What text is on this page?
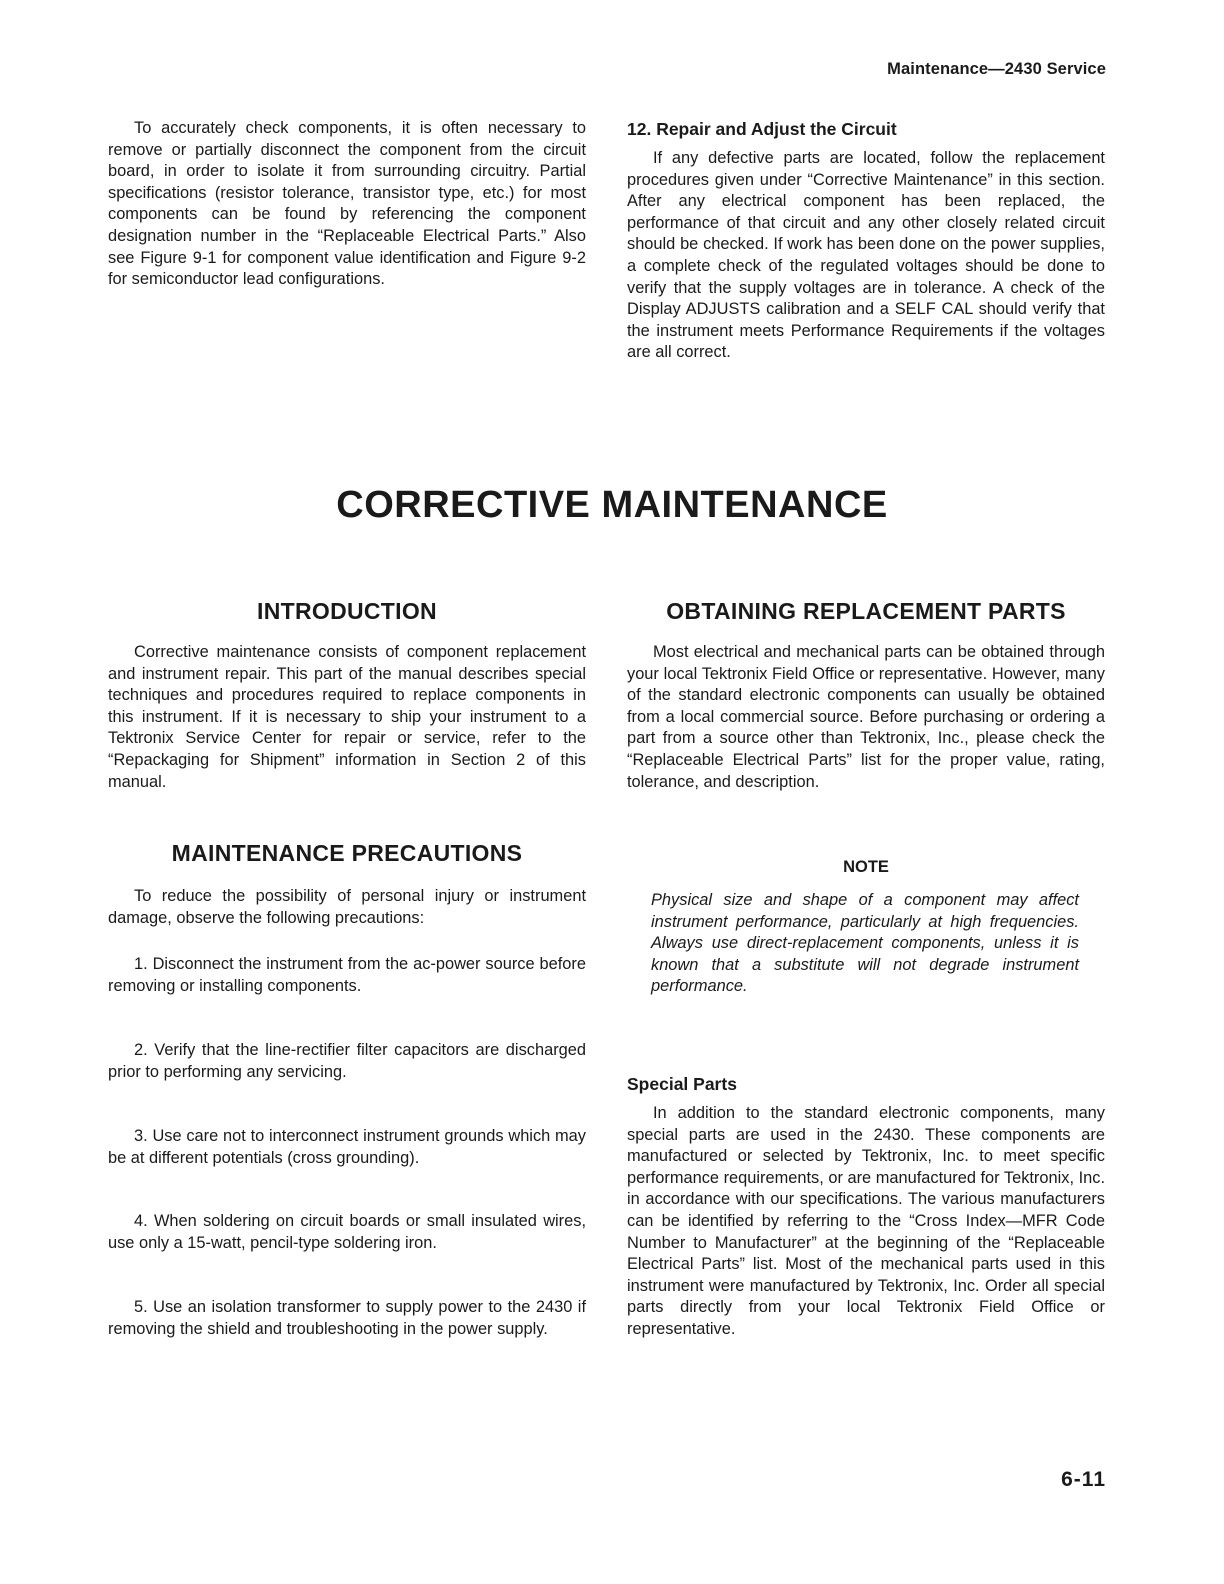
Maintenance—2430 Service

To accurately check components, it is often necessary to remove or partially disconnect the component from the circuit board, in order to isolate it from surrounding circuitry. Partial specifications (resistor tolerance, transistor type, etc.) for most components can be found by referencing the component designation number in the “Replaceable Electrical Parts.” Also see Figure 9-1 for component value identification and Figure 9-2 for semiconductor lead configurations.

12. Repair and Adjust the Circuit

If any defective parts are located, follow the replacement procedures given under “Corrective Maintenance” in this section. After any electrical component has been replaced, the performance of that circuit and any other closely related circuit should be checked. If work has been done on the power supplies, a complete check of the regulated voltages should be done to verify that the supply voltages are in tolerance. A check of the Display ADJUSTS calibration and a SELF CAL should verify that the instrument meets Performance Requirements if the voltages are all correct.

CORRECTIVE MAINTENANCE
INTRODUCTION

Corrective maintenance consists of component replacement and instrument repair. This part of the manual describes special techniques and procedures required to replace components in this instrument. If it is necessary to ship your instrument to a Tektronix Service Center for repair or service, refer to the “Repackaging for Shipment” information in Section 2 of this manual.

MAINTENANCE PRECAUTIONS

To reduce the possibility of personal injury or instrument damage, observe the following precautions:

1. Disconnect the instrument from the ac-power source before removing or installing components.

2. Verify that the line-rectifier filter capacitors are discharged prior to performing any servicing.

3. Use care not to interconnect instrument grounds which may be at different potentials (cross grounding).

4. When soldering on circuit boards or small insulated wires, use only a 15-watt, pencil-type soldering iron.

5. Use an isolation transformer to supply power to the 2430 if removing the shield and troubleshooting in the power supply.

OBTAINING REPLACEMENT PARTS

Most electrical and mechanical parts can be obtained through your local Tektronix Field Office or representative. However, many of the standard electronic components can usually be obtained from a local commercial source. Before purchasing or ordering a part from a source other than Tektronix, Inc., please check the “Replaceable Electrical Parts” list for the proper value, rating, tolerance, and description.

NOTE

Physical size and shape of a component may affect instrument performance, particularly at high frequencies. Always use direct-replacement components, unless it is known that a substitute will not degrade instrument performance.

Special Parts

In addition to the standard electronic components, many special parts are used in the 2430. These components are manufactured or selected by Tektronix, Inc. to meet specific performance requirements, or are manufactured for Tektronix, Inc. in accordance with our specifications. The various manufacturers can be identified by referring to the “Cross Index—MFR Code Number to Manufacturer” at the beginning of the “Replaceable Electrical Parts” list. Most of the mechanical parts used in this instrument were manufactured by Tektronix, Inc. Order all special parts directly from your local Tektronix Field Office or representative.

6-11
